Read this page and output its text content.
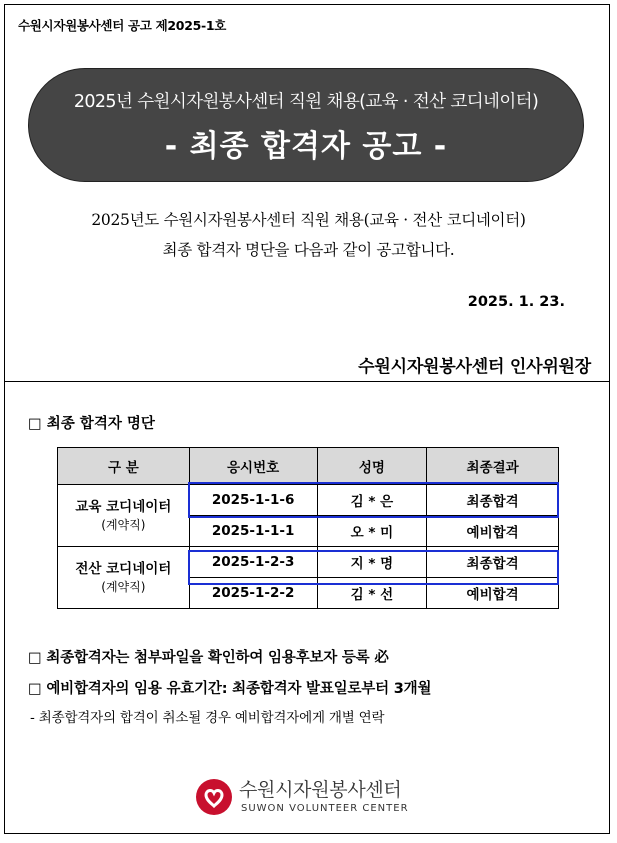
수원시자원봉사센터 공고 제2025-1호
2025년 수원시자원봉사센터 직원 채용(교육 · 전산 코디네이터)
- 최종 합격자 공고 -
2025년도 수원시자원봉사센터 직원 채용(교육 · 전산 코디네이터)
최종 합격자 명단을 다음과 같이 공고합니다.
2025. 1. 23.
수원시자원봉사센터 인사위원장
□ 최종 합격자 명단
구 분	응시번호	성명	최종결과

교육 코디네이터
(계약직)	2025-1-1-6	김 * 은	최종합격
	2025-1-1-1	오 * 미	예비합격

전산 코디네이터
(계약직)	2025-1-2-3	지 * 명	최종합격
	2025-1-2-2	김 * 선	예비합격
□ 최종합격자는 첨부파일을 확인하여 임용후보자 등록 必
□ 예비합격자의 임용 유효기간: 최종합격자 발표일로부터 3개월
- 최종합격자의 합격이 취소될 경우 예비합격자에게 개별 연락
수원시자원봉사센터
SUWON VOLUNTEER CENTER
